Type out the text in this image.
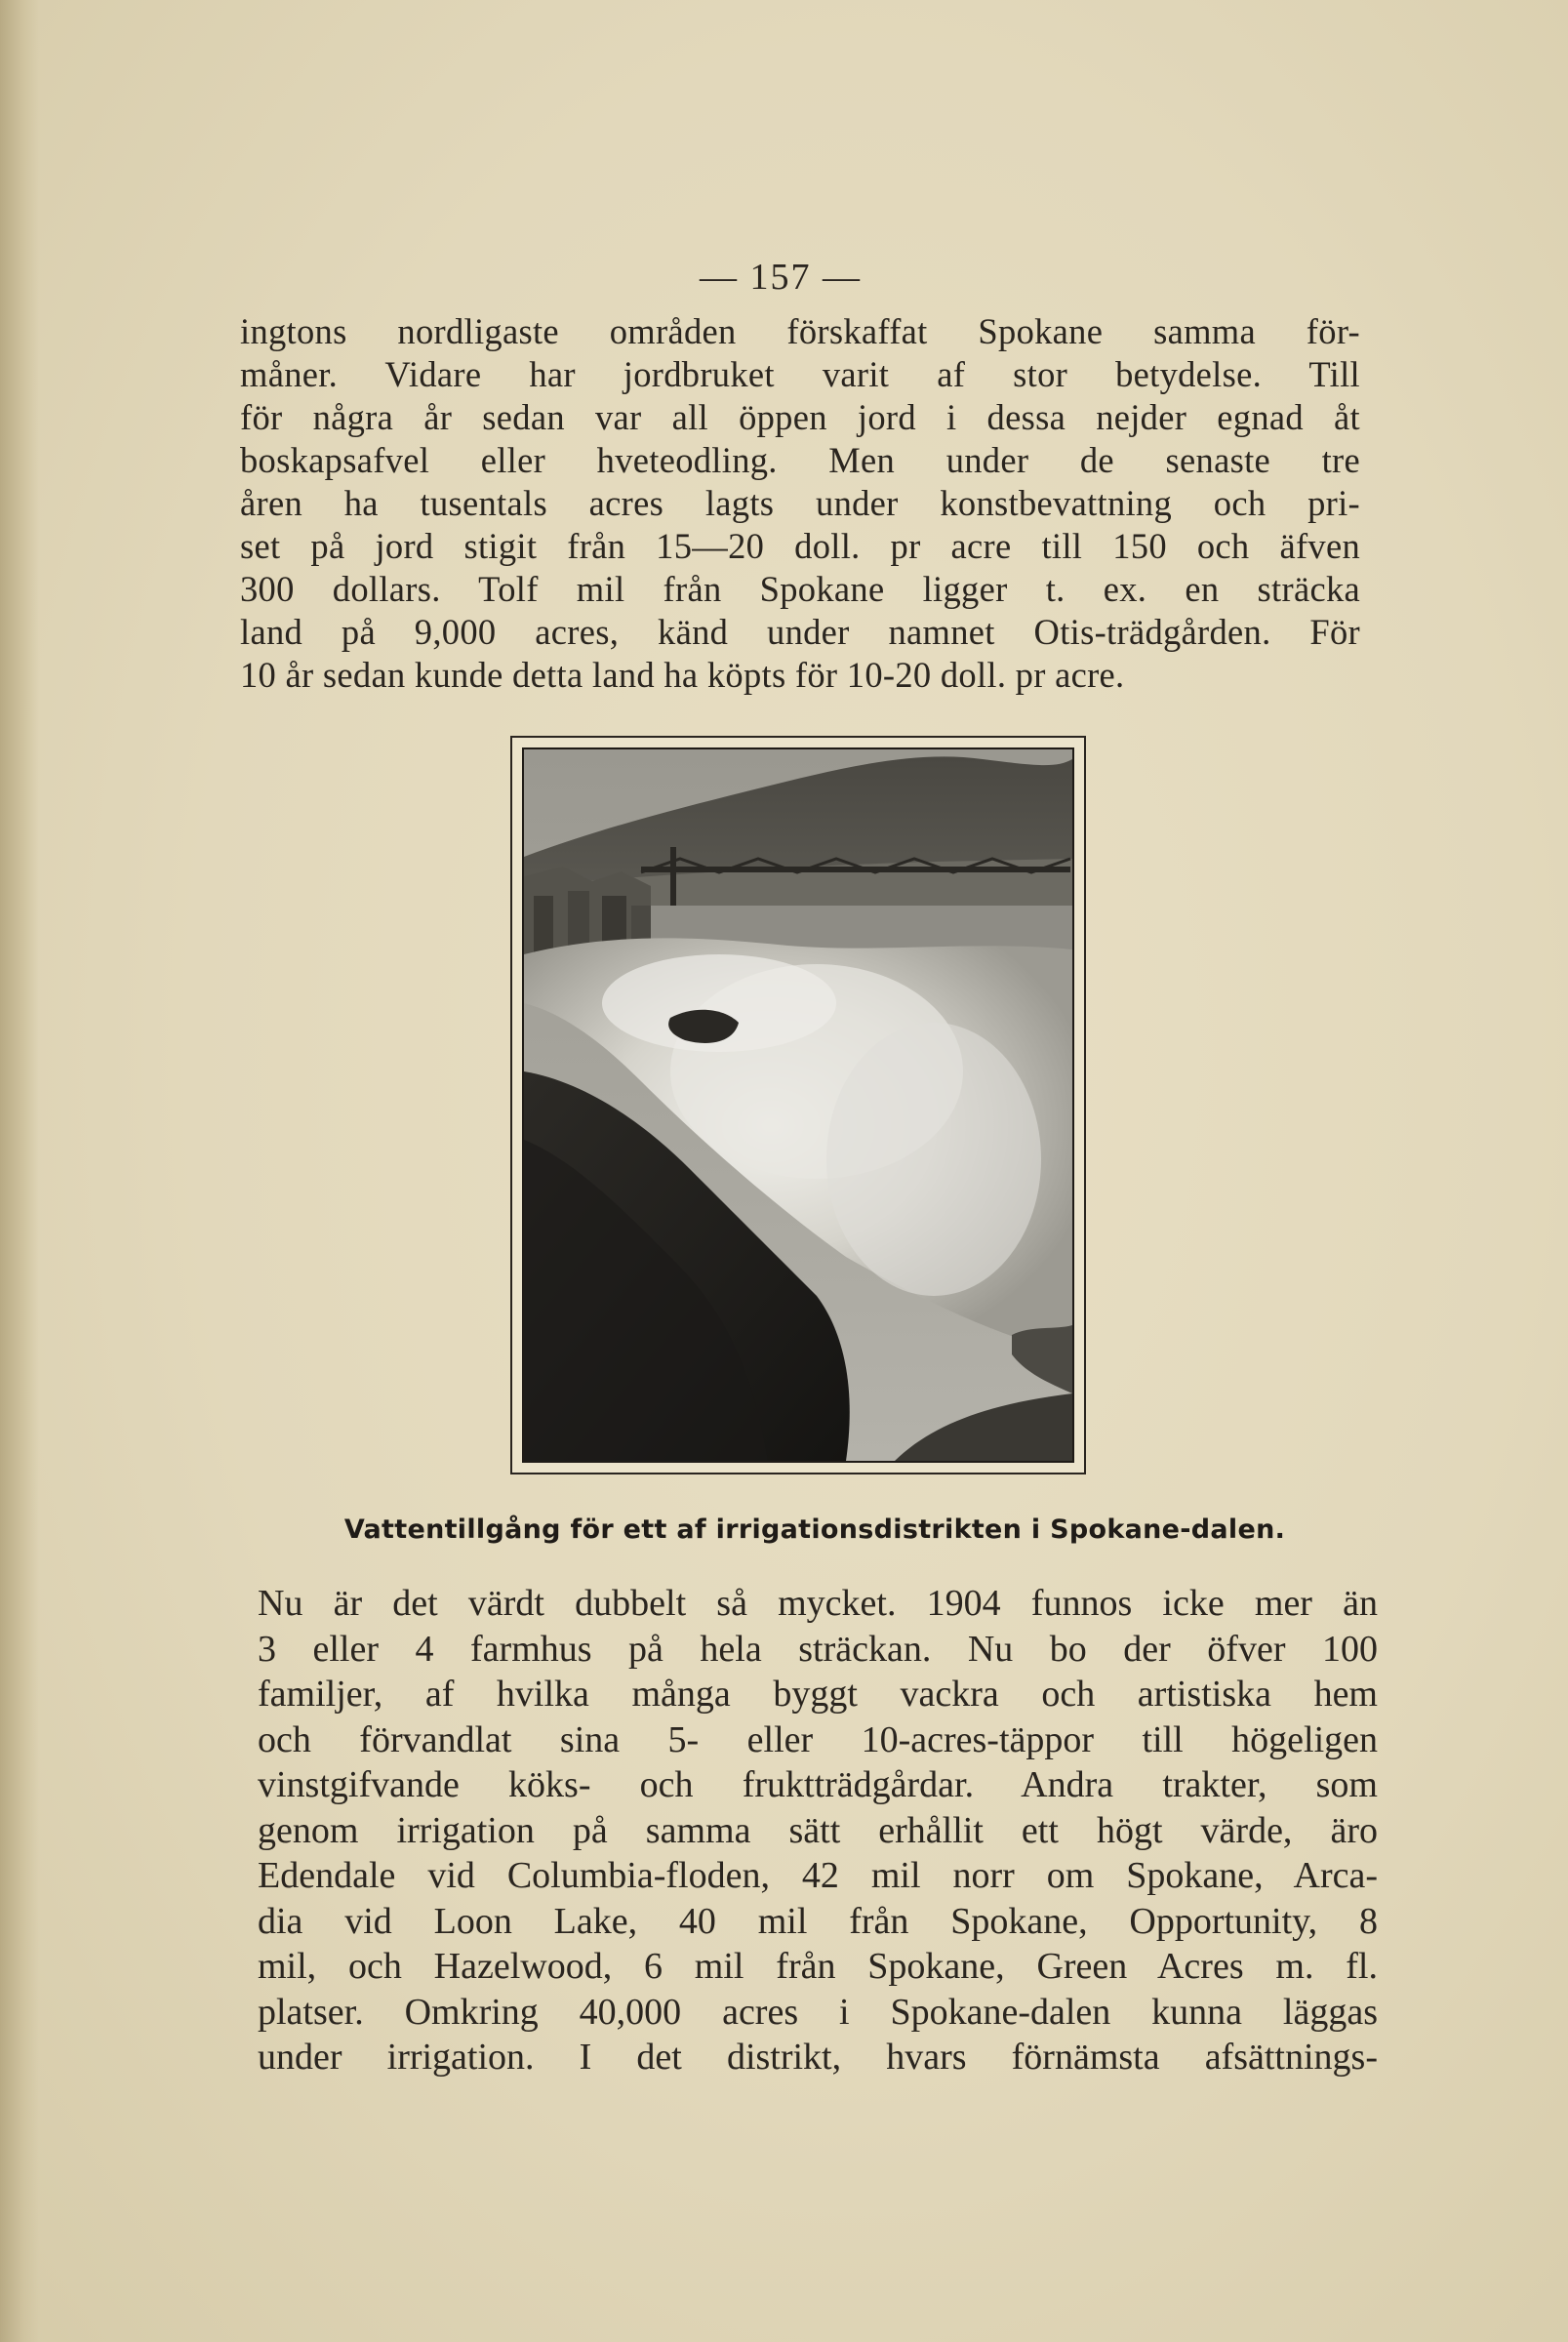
— 157 —
ingtons nordligaste områden förskaffat Spokane samma för-
måner. Vidare har jordbruket varit af stor betydelse. Till
för några år sedan var all öppen jord i dessa nejder egnad åt
boskapsafvel eller hveteodling. Men under de senaste tre
åren ha tusentals acres lagts under konstbevattning och pri-
set på jord stigit från 15—20 doll. pr acre till 150 och äfven
300 dollars. Tolf mil från Spokane ligger t. ex. en sträcka
land på 9,000 acres, känd under namnet Otis-trädgården. För
10 år sedan kunde detta land ha köpts för 10-20 doll. pr acre.
Vattentillgång för ett af irrigationsdistrikten i Spokane-dalen.
Nu är det värdt dubbelt så mycket. 1904 funnos icke mer än
3 eller 4 farmhus på hela sträckan. Nu bo der öfver 100
familjer, af hvilka många byggt vackra och artistiska hem
och förvandlat sina 5- eller 10-acres-täppor till högeligen
vinstgifvande köks- och fruktträdgårdar. Andra trakter, som
genom irrigation på samma sätt erhållit ett högt värde, äro
Edendale vid Columbia-floden, 42 mil norr om Spokane, Arca-
dia vid Loon Lake, 40 mil från Spokane, Opportunity, 8
mil, och Hazelwood, 6 mil från Spokane, Green Acres m. fl.
platser. Omkring 40,000 acres i Spokane-dalen kunna läggas
under irrigation. I det distrikt, hvars förnämsta afsättnings-
